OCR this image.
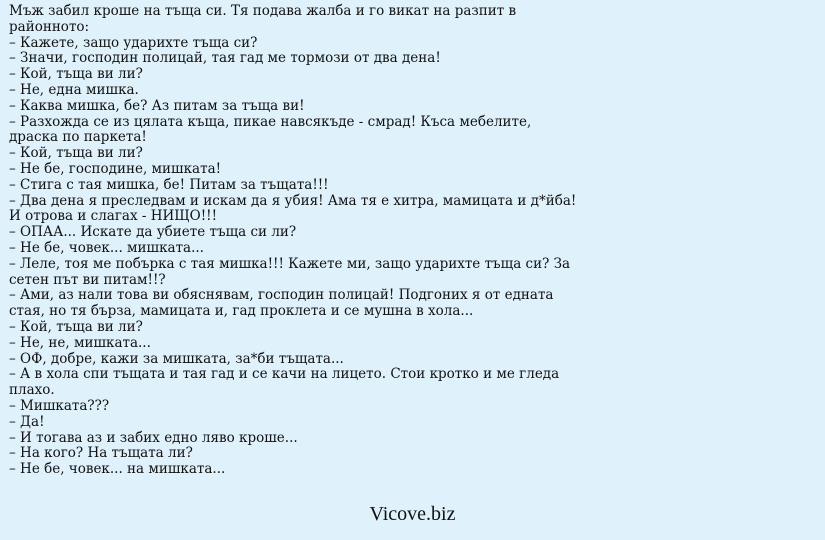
Мъж забил кроше на тъща си. Тя подава жалба и го викат на разпит в районното:
– Кажете, защо ударихте тъща си?
– Значи, господин полицай, тая гад ме тормози от два дена!
– Кой, тъща ви ли?
– Не, една мишка.
– Каква мишка, бе? Аз питам за тъща ви!
– Разхожда се из цялата къща, пикае навсякъде - смрад! Къса мебелите, драска по паркета!
– Кой, тъща ви ли?
– Не бе, господине, мишката!
– Стига с тая мишка, бе! Питам за тъщата!!!
– Два дена я преследвам и искам да я убия! Ама тя е хитра, мамицата и д*йба!И отрова и слагах - НИЩО!!!
– ОПАА... Искате да убиете тъща си ли?
– Не бе, човек... мишката...
– Леле, тоя ме побърка с тая мишка!!! Кажете ми, защо ударихте тъща си? За сетен път ви питам!!?
– Ами, аз нали това ви обяснявам, господин полицай! Подгоних я от едната стая, но тя бърза, мамицата и, гад проклета и се мушна в хола...
– Кой, тъща ви ли?
– Не, не, мишката...
– ОФ, добре, кажи за мишката, за*би тъщата...
– А в хола спи тъщата и тая гад и се качи на лицето. Стои кротко и ме гледа плахо.
– Мишката???
– Да!
– И тогава аз и забих едно ляво кроше...
– На кого? На тъщата ли?
– Не бе, човек... на мишката...
Vicove.biz
